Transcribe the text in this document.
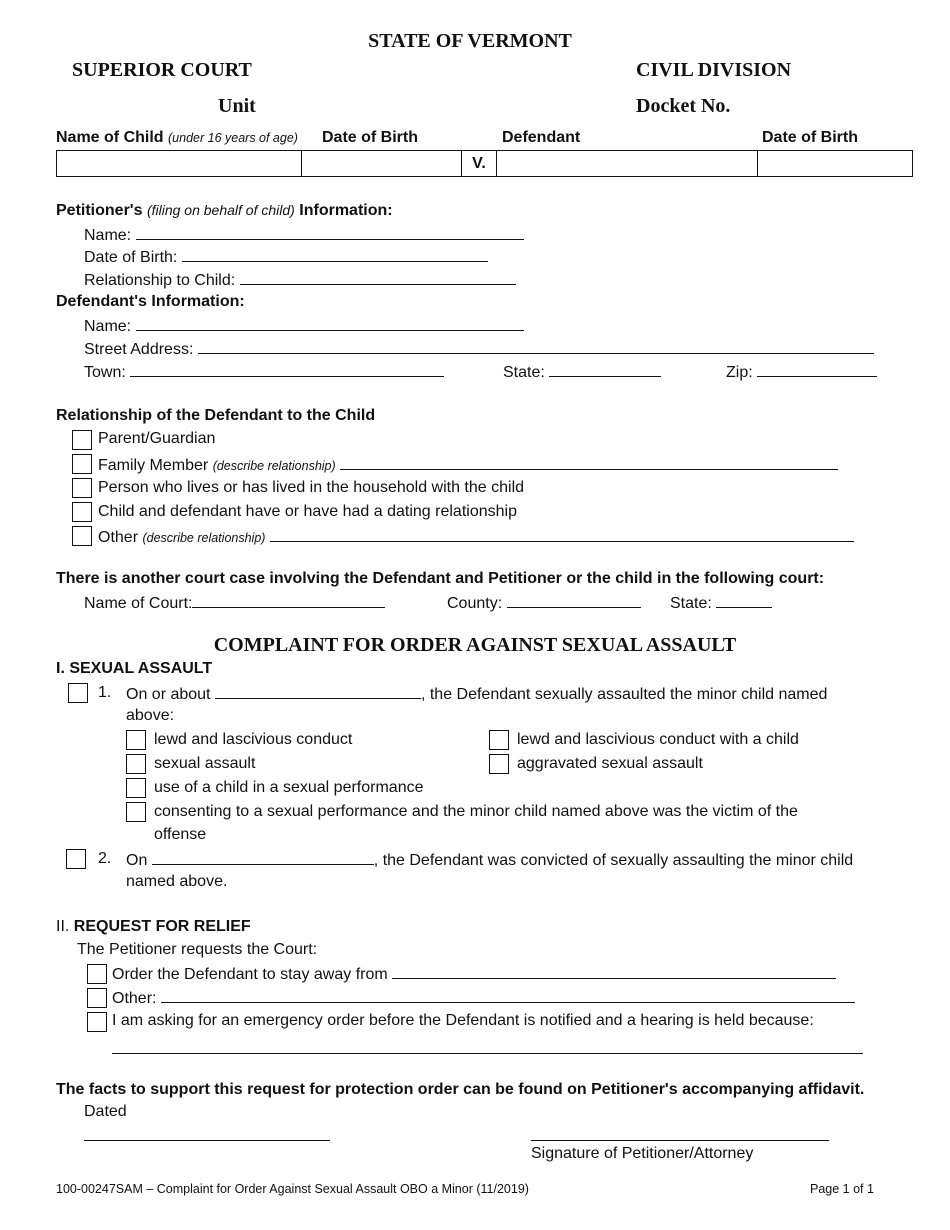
STATE OF VERMONT
SUPERIOR COURT	CIVIL DIVISION
Unit	Docket No.
Name of Child (under 16 years of age) Date of Birth	Defendant	Date of Birth
		V.		
Petitioner's (filing on behalf of child) Information:
Name:
Date of Birth:
Relationship to Child:
Defendant's Information:
Name:
Street Address:
Town:	State:	Zip:
Relationship of the Defendant to the Child
Parent/Guardian
Family Member (describe relationship)
Person who lives or has lived in the household with the child
Child and defendant have or have had a dating relationship
Other (describe relationship)
There is another court case involving the Defendant and Petitioner or the child in the following court:
Name of Court:	County:	State:
COMPLAINT FOR ORDER AGAINST SEXUAL ASSAULT
I. SEXUAL ASSAULT
1. On or about	, the Defendant sexually assaulted the minor child named
above:
lewd and lascivious conduct	lewd and lascivious conduct with a child
sexual assault	aggravated sexual assault
use of a child in a sexual performance
consenting to a sexual performance and the minor child named above was the victim of the
offense
2. On	, the Defendant was convicted of sexually assaulting the minor child
named above.
II. REQUEST FOR RELIEF
The Petitioner requests the Court:
Order the Defendant to stay away from
Other:
I am asking for an emergency order before the Defendant is notified and a hearing is held because:
The facts to support this request for protection order can be found on Petitioner's accompanying affidavit.
Dated
Signature of Petitioner/Attorney
100-00247SAM – Complaint for Order Against Sexual Assault OBO a Minor (11/2019)	Page 1 of 1
